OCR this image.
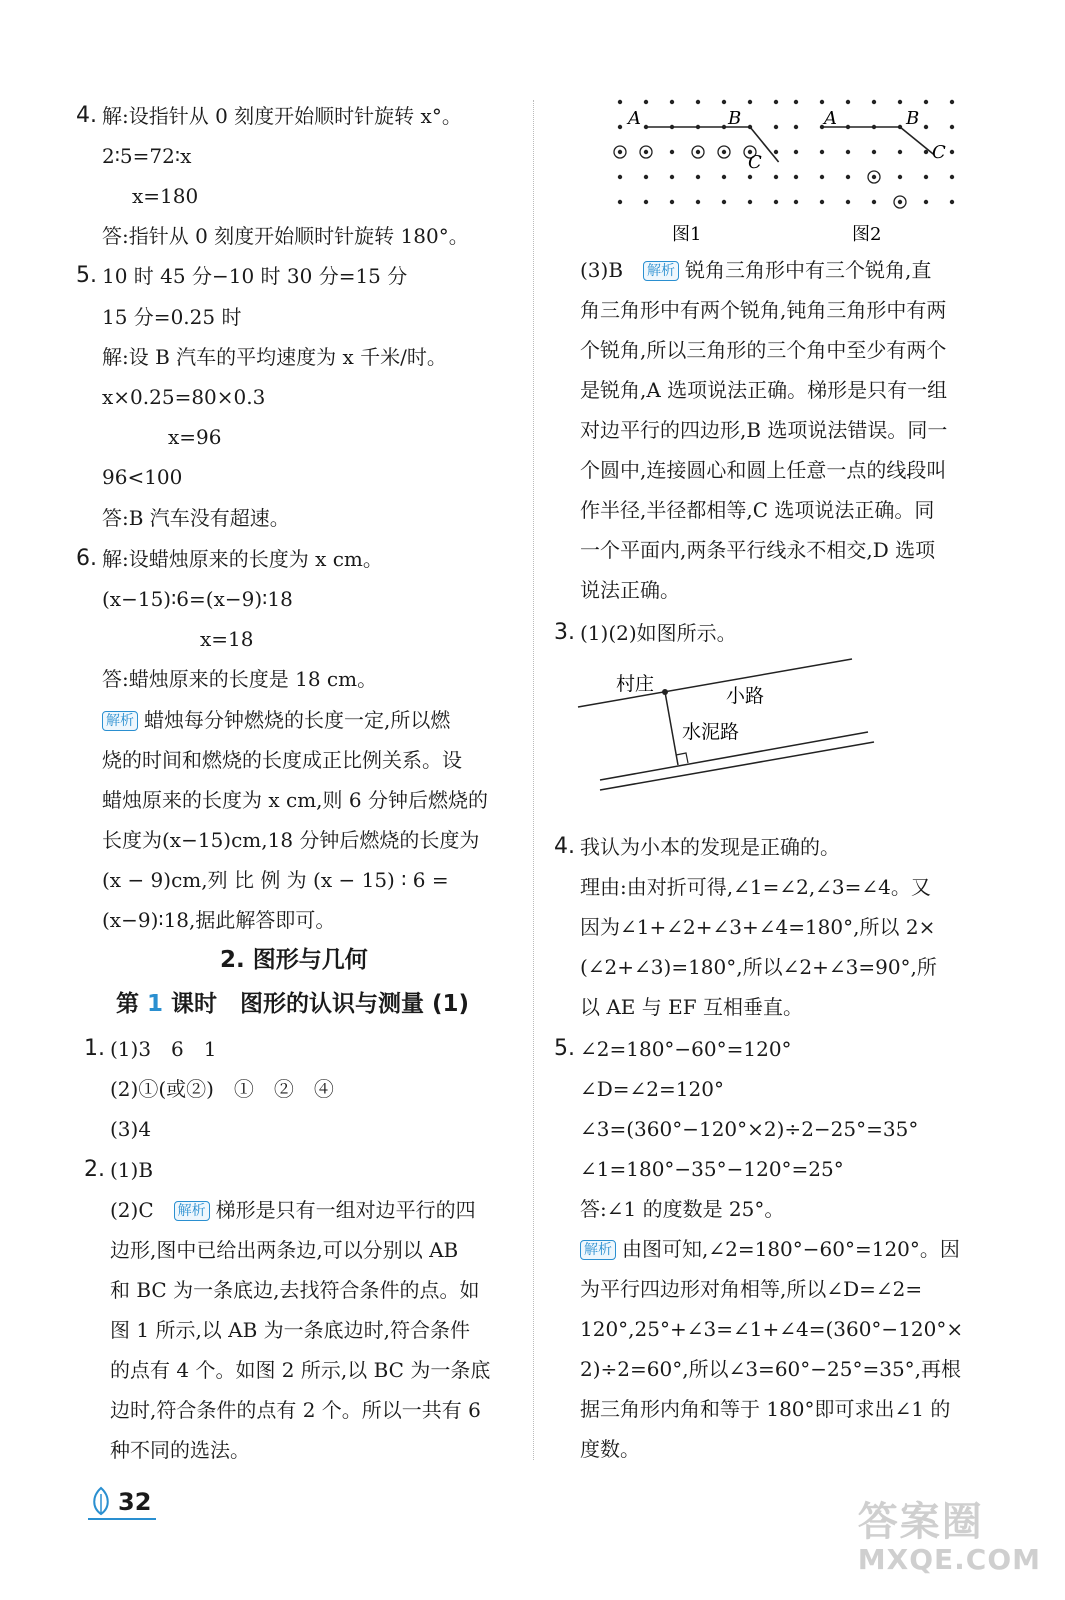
4. 解:设指针从 0 刻度开始顺时针旋转 x°。
2∶5=72∶x
x=180
答:指针从 0 刻度开始顺时针旋转 180°。
5. 10 时 45 分−10 时 30 分=15 分
15 分=0.25 时
解:设 B 汽车的平均速度为 x 千米/时。
x×0.25=80×0.3
x=96
96<100
答:B 汽车没有超速。
6. 解:设蜡烛原来的长度为 x cm。
(x−15)∶6=(x−9)∶18
x=18
答:蜡烛原来的长度是 18 cm。
解析 蜡烛每分钟燃烧的长度一定,所以燃
烧的时间和燃烧的长度成正比例关系。设
蜡烛原来的长度为 x cm,则 6 分钟后燃烧的
长度为(x−15)cm,18 分钟后燃烧的长度为
(x − 9)cm,列 比 例 为 (x − 15) ∶ 6 =
(x−9)∶18,据此解答即可。
2. 图形与几何
第 1 课时　图形的认识与测量 (1)
1. (1)3　6　1
(2)①(或②)　①　②　④
(3)4
2. (1)B
(2)C　 解析 梯形是只有一组对边平行的四
边形,图中已给出两条边,可以分别以 AB
和 BC 为一条底边,去找符合条件的点。如
图 1 所示,以 AB 为一条底边时,符合条件
的点有 4 个。如图 2 所示,以 BC 为一条底
边时,符合条件的点有 2 个。所以一共有 6
种不同的选法。
A	B
C
A	B
C
图1	图2
(3)B　 解析 锐角三角形中有三个锐角,直
角三角形中有两个锐角,钝角三角形中有两
个锐角,所以三角形的三个角中至少有两个
是锐角,A 选项说法正确。梯形是只有一组
对边平行的四边形,B 选项说法错误。同一
个圆中,连接圆心和圆上任意一点的线段叫
作半径,半径都相等,C 选项说法正确。同
一个平面内,两条平行线永不相交,D 选项
说法正确。
3. (1)(2)如图所示。
村庄
小路
水泥路
4. 我认为小本的发现是正确的。
理由:由对折可得,∠1=∠2,∠3=∠4。又
因为∠1+∠2+∠3+∠4=180°,所以 2×
(∠2+∠3)=180°,所以∠2+∠3=90°,所
以 AE 与 EF 互相垂直。
5. ∠2=180°−60°=120°
∠D=∠2=120°
∠3=(360°−120°×2)÷2−25°=35°
∠1=180°−35°−120°=25°
答:∠1 的度数是 25°。
解析 由图可知,∠2=180°−60°=120°。因
为平行四边形对角相等,所以∠D=∠2=
120°,25°+∠3=∠1+∠4=(360°−120°×
2)÷2=60°,所以∠3=60°−25°=35°,再根
据三角形内角和等于 180°即可求出∠1 的
度数。
32	答案圈
MXQE.COM
